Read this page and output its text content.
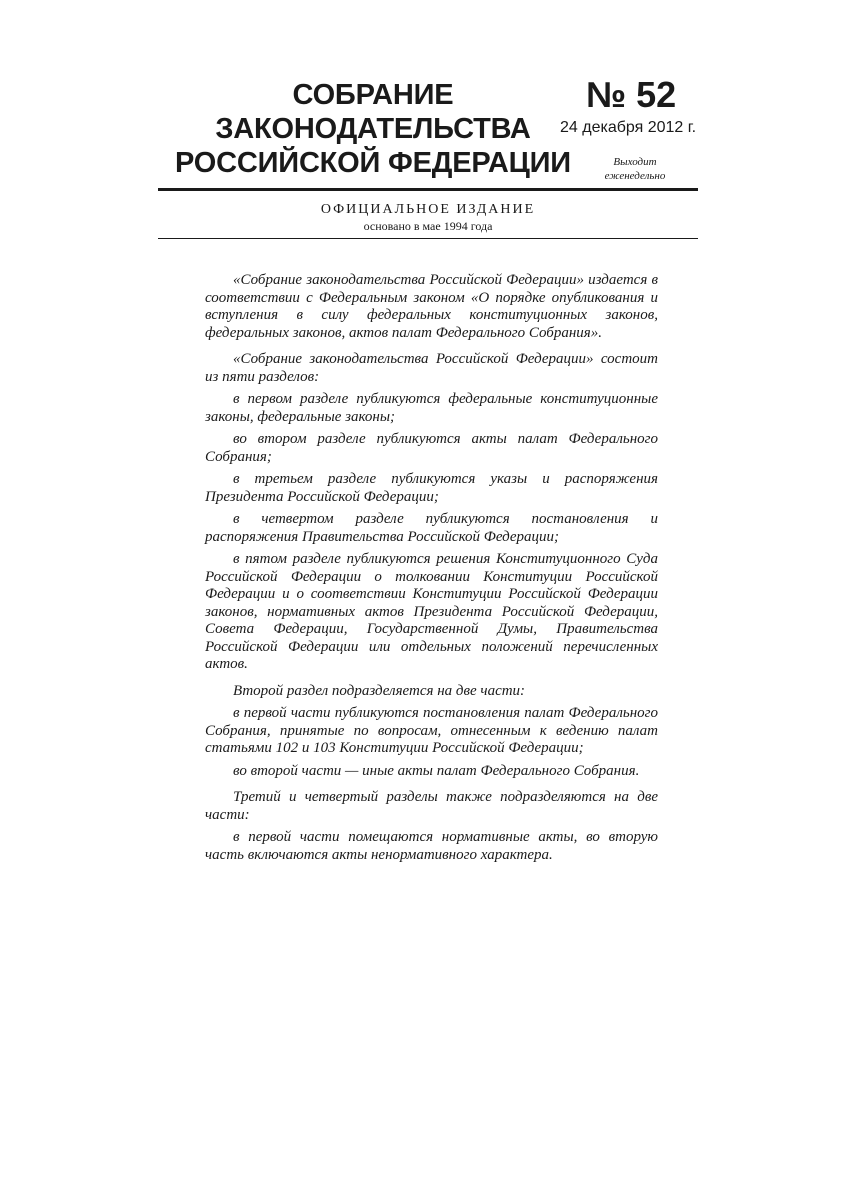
СОБРАНИЕ
ЗАКОНОДАТЕЛЬСТВА
РОССИЙСКОЙ ФЕДЕРАЦИИ
№ 52
24 декабря 2012 г.
Выходит
еженедельно
ОФИЦИАЛЬНОЕ ИЗДАНИЕ
основано в мае 1994 года

«Собрание законодательства Российской Федерации» издается в соответствии с Федеральным законом «О порядке опубликования и вступления в силу федеральных конституционных законов, федеральных законов, актов палат Федерального Собрания».

«Собрание законодательства Российской Федерации» состоит из пяти разделов:

в первом разделе публикуются федеральные конституционные законы, федеральные законы;

во втором разделе публикуются акты палат Федерального Собрания;

в третьем разделе публикуются указы и распоряжения Президента Российской Федерации;

в четвертом разделе публикуются постановления и распоряжения Правительства Российской Федерации;

в пятом разделе публикуются решения Конституционного Суда Российской Федерации о толковании Конституции Российской Федерации и о соответствии Конституции Российской Федерации законов, нормативных актов Президента Российской Федерации, Совета Федерации, Государственной Думы, Правительства Российской Федерации или отдельных положений перечисленных актов.

Второй раздел подразделяется на две части:

в первой части публикуются постановления палат Федерального Собрания, принятые по вопросам, отнесенным к ведению палат статьями 102 и 103 Конституции Российской Федерации;

во второй части — иные акты палат Федерального Собрания.

Третий и четвертый разделы также подразделяются на две части:

в первой части помещаются нормативные акты, во вторую часть включаются акты ненормативного характера.
